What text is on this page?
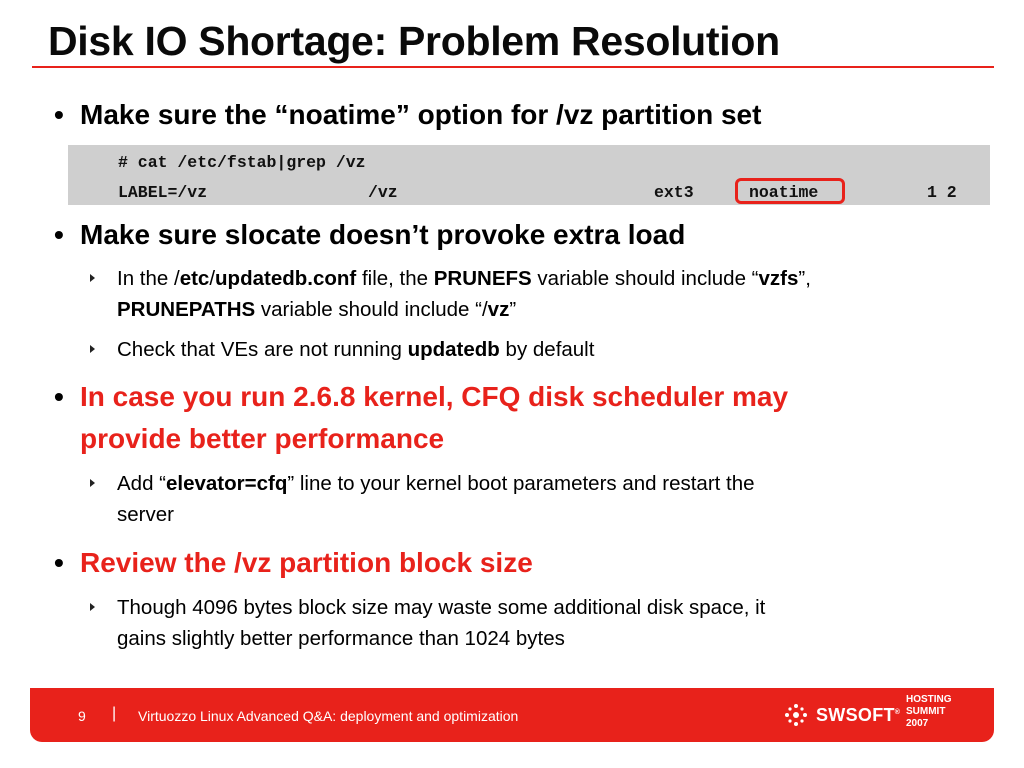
Disk IO Shortage: Problem Resolution
• Make sure the “noatime” option for /vz partition set
# cat /etc/fstab|grep /vz
LABEL=/vz	/vz	ext3	noatime	1 2
• Make sure slocate doesn’t provoke extra load
In the /etc/updatedb.conf file, the PRUNEFS variable should include “vzfs”,
PRUNEPATHS variable should include “/vz”
Check that VEs are not running updatedb by default
• In case you run 2.6.8 kernel, CFQ disk scheduler may
provide better performance
Add “elevator=cfq” line to your kernel boot parameters and restart the
server
• Review the /vz partition block size
Though 4096 bytes block size may waste some additional disk space, it
gains slightly better performance than 1024 bytes
9 | Virtuozzo Linux Advanced Q&A: deployment and optimization	SWSOFT®
HOSTING
SUMMIT
2007
